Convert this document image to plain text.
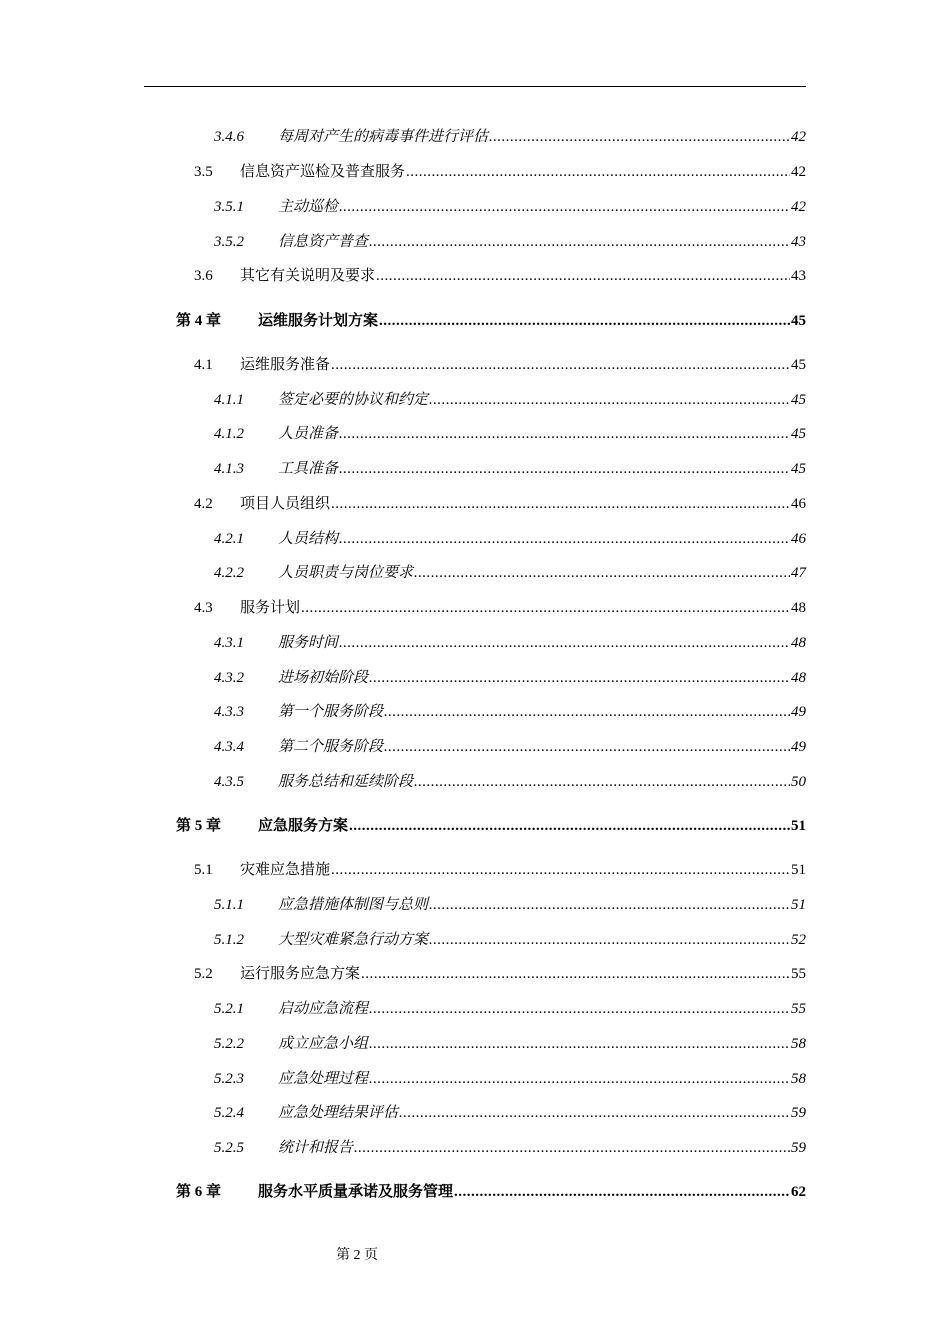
3.4.6	每周对产生的病毒事件进行评估 .....	42
3.5	信息资产巡检及普查服务 .....	42
3.5.1	主动巡检 .....	42
3.5.2	信息资产普查 .....	43
3.6	其它有关说明及要求 .....	43
第 4 章	运维服务计划方案 .....	45
4.1	运维服务准备 .....	45
4.1.1	签定必要的协议和约定 .....	45
4.1.2	人员准备 .....	45
4.1.3	工具准备 .....	45
4.2	项目人员组织 .....	46
4.2.1	人员结构 .....	46
4.2.2	人员职责与岗位要求 .....	47
4.3	服务计划 .....	48
4.3.1	服务时间 .....	48
4.3.2	进场初始阶段 .....	48
4.3.3	第一个服务阶段 .....	49
4.3.4	第二个服务阶段 .....	49
4.3.5	服务总结和延续阶段 .....	50
第 5 章	应急服务方案 .....	51
5.1	灾难应急措施 .....	51
5.1.1	应急措施体制图与总则 .....	51
5.1.2	大型灾难紧急行动方案 .....	52
5.2	运行服务应急方案 .....	55
5.2.1	启动应急流程 .....	55
5.2.2	成立应急小组 .....	58
5.2.3	应急处理过程 .....	58
5.2.4	应急处理结果评估 .....	59
5.2.5	统计和报告 .....	59
第 6 章	服务水平质量承诺及服务管理 .....	62
第 2 页
